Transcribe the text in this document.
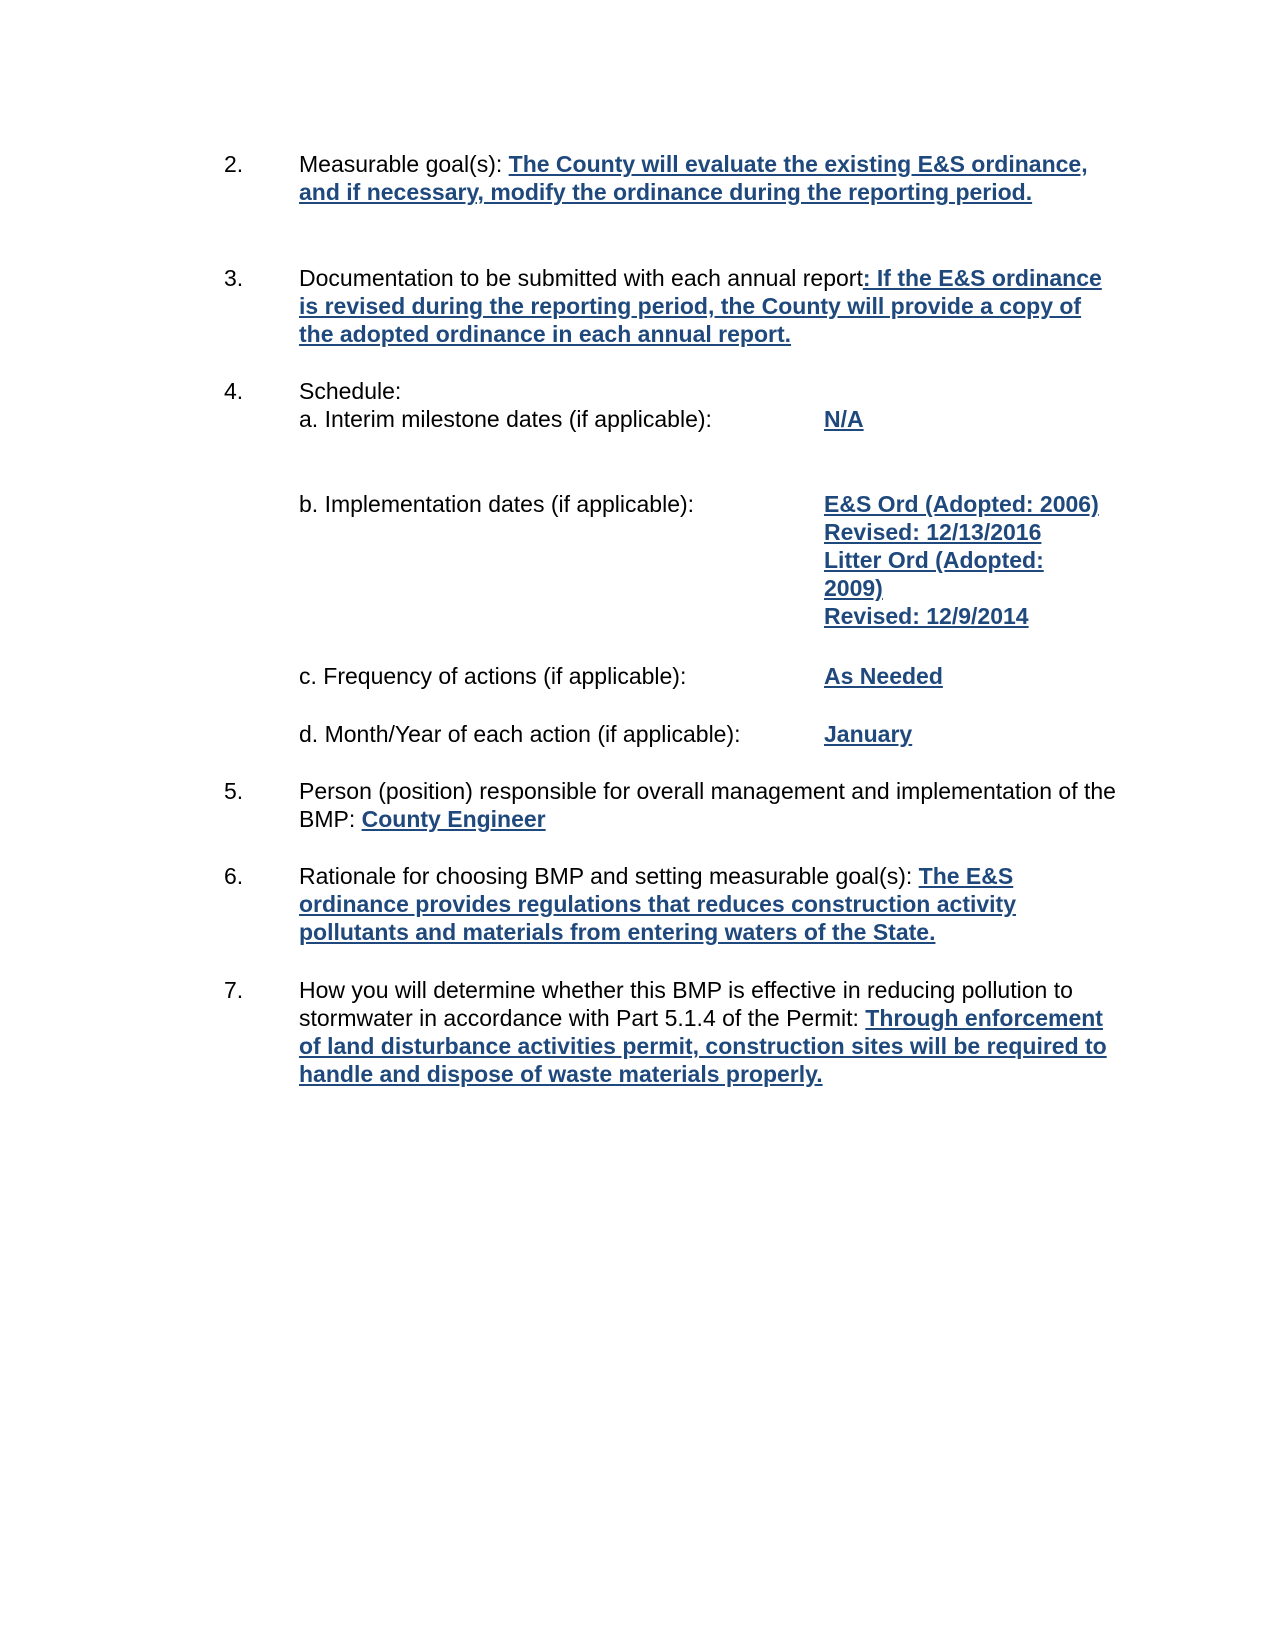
2. Measurable goal(s): The County will evaluate the existing E&S ordinance, and if necessary, modify the ordinance during the reporting period.
3. Documentation to be submitted with each annual report: If the E&S ordinance is revised during the reporting period, the County will provide a copy of the adopted ordinance in each annual report.
4. Schedule:
a. Interim milestone dates (if applicable):	N/A
b. Implementation dates (if applicable):	E&S Ord (Adopted: 2006)
Revised: 12/13/2016
Litter Ord (Adopted:
2009)
Revised: 12/9/2014
c. Frequency of actions (if applicable):	As Needed
d. Month/Year of each action (if applicable):	January
5. Person (position) responsible for overall management and implementation of the BMP: County Engineer
6. Rationale for choosing BMP and setting measurable goal(s): The E&S ordinance provides regulations that reduces construction activity pollutants and materials from entering waters of the State.
7. How you will determine whether this BMP is effective in reducing pollution to stormwater in accordance with Part 5.1.4 of the Permit: Through enforcement of land disturbance activities permit, construction sites will be required to handle and dispose of waste materials properly.
